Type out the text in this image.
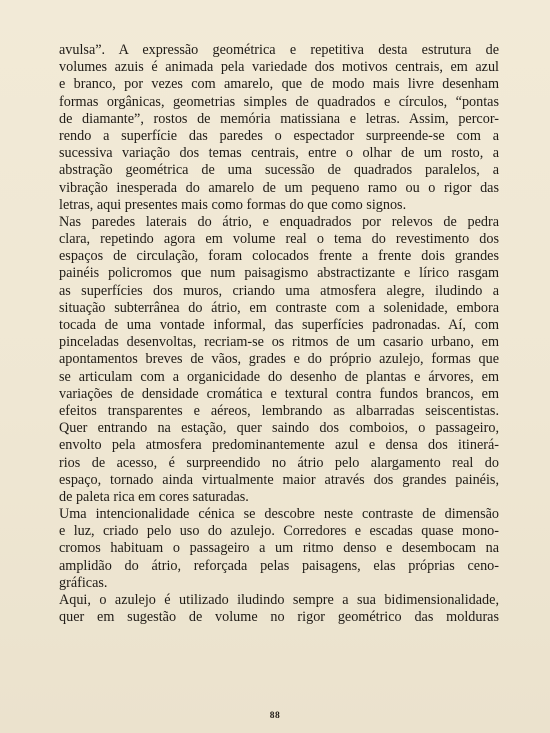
avulsa”. A expressão geométrica e repetitiva desta estrutura de
volumes azuis é animada pela variedade dos motivos centrais, em azul
e branco, por vezes com amarelo, que de modo mais livre desenham
formas orgânicas, geometrias simples de quadrados e círculos, “pontas
de diamante”, rostos de memória matissiana e letras. Assim, percor-
rendo a superfície das paredes o espectador surpreende-se com a
sucessiva variação dos temas centrais, entre o olhar de um rosto, a
abstração geométrica de uma sucessão de quadrados paralelos, a
vibração inesperada do amarelo de um pequeno ramo ou o rigor das
letras, aqui presentes mais como formas do que como signos.
Nas paredes laterais do átrio, e enquadrados por relevos de pedra
clara, repetindo agora em volume real o tema do revestimento dos
espaços de circulação, foram colocados frente a frente dois grandes
painéis policromos que num paisagismo abstractizante e lírico rasgam
as superfícies dos muros, criando uma atmosfera alegre, iludindo a
situação subterrânea do átrio, em contraste com a solenidade, embora
tocada de uma vontade informal, das superfícies padronadas. Aí, com
pinceladas desenvoltas, recriam-se os ritmos de um casario urbano, em
apontamentos breves de vãos, grades e do próprio azulejo, formas que
se articulam com a organicidade do desenho de plantas e árvores, em
variações de densidade cromática e textural contra fundos brancos, em
efeitos transparentes e aéreos, lembrando as albarradas seiscentistas.
Quer entrando na estação, quer saindo dos comboios, o passageiro,
envolto pela atmosfera predominantemente azul e densa dos itinerá-
rios de acesso, é surpreendido no átrio pelo alargamento real do
espaço, tornado ainda virtualmente maior através dos grandes painéis,
de paleta rica em cores saturadas.
Uma intencionalidade cénica se descobre neste contraste de dimensão
e luz, criado pelo uso do azulejo. Corredores e escadas quase mono-
cromos habituam o passageiro a um ritmo denso e desembocam na
amplidão do átrio, reforçada pelas paisagens, elas próprias ceno-
gráficas.
Aqui, o azulejo é utilizado iludindo sempre a sua bidimensionalidade,
quer em sugestão de volume no rigor geométrico das molduras
88
